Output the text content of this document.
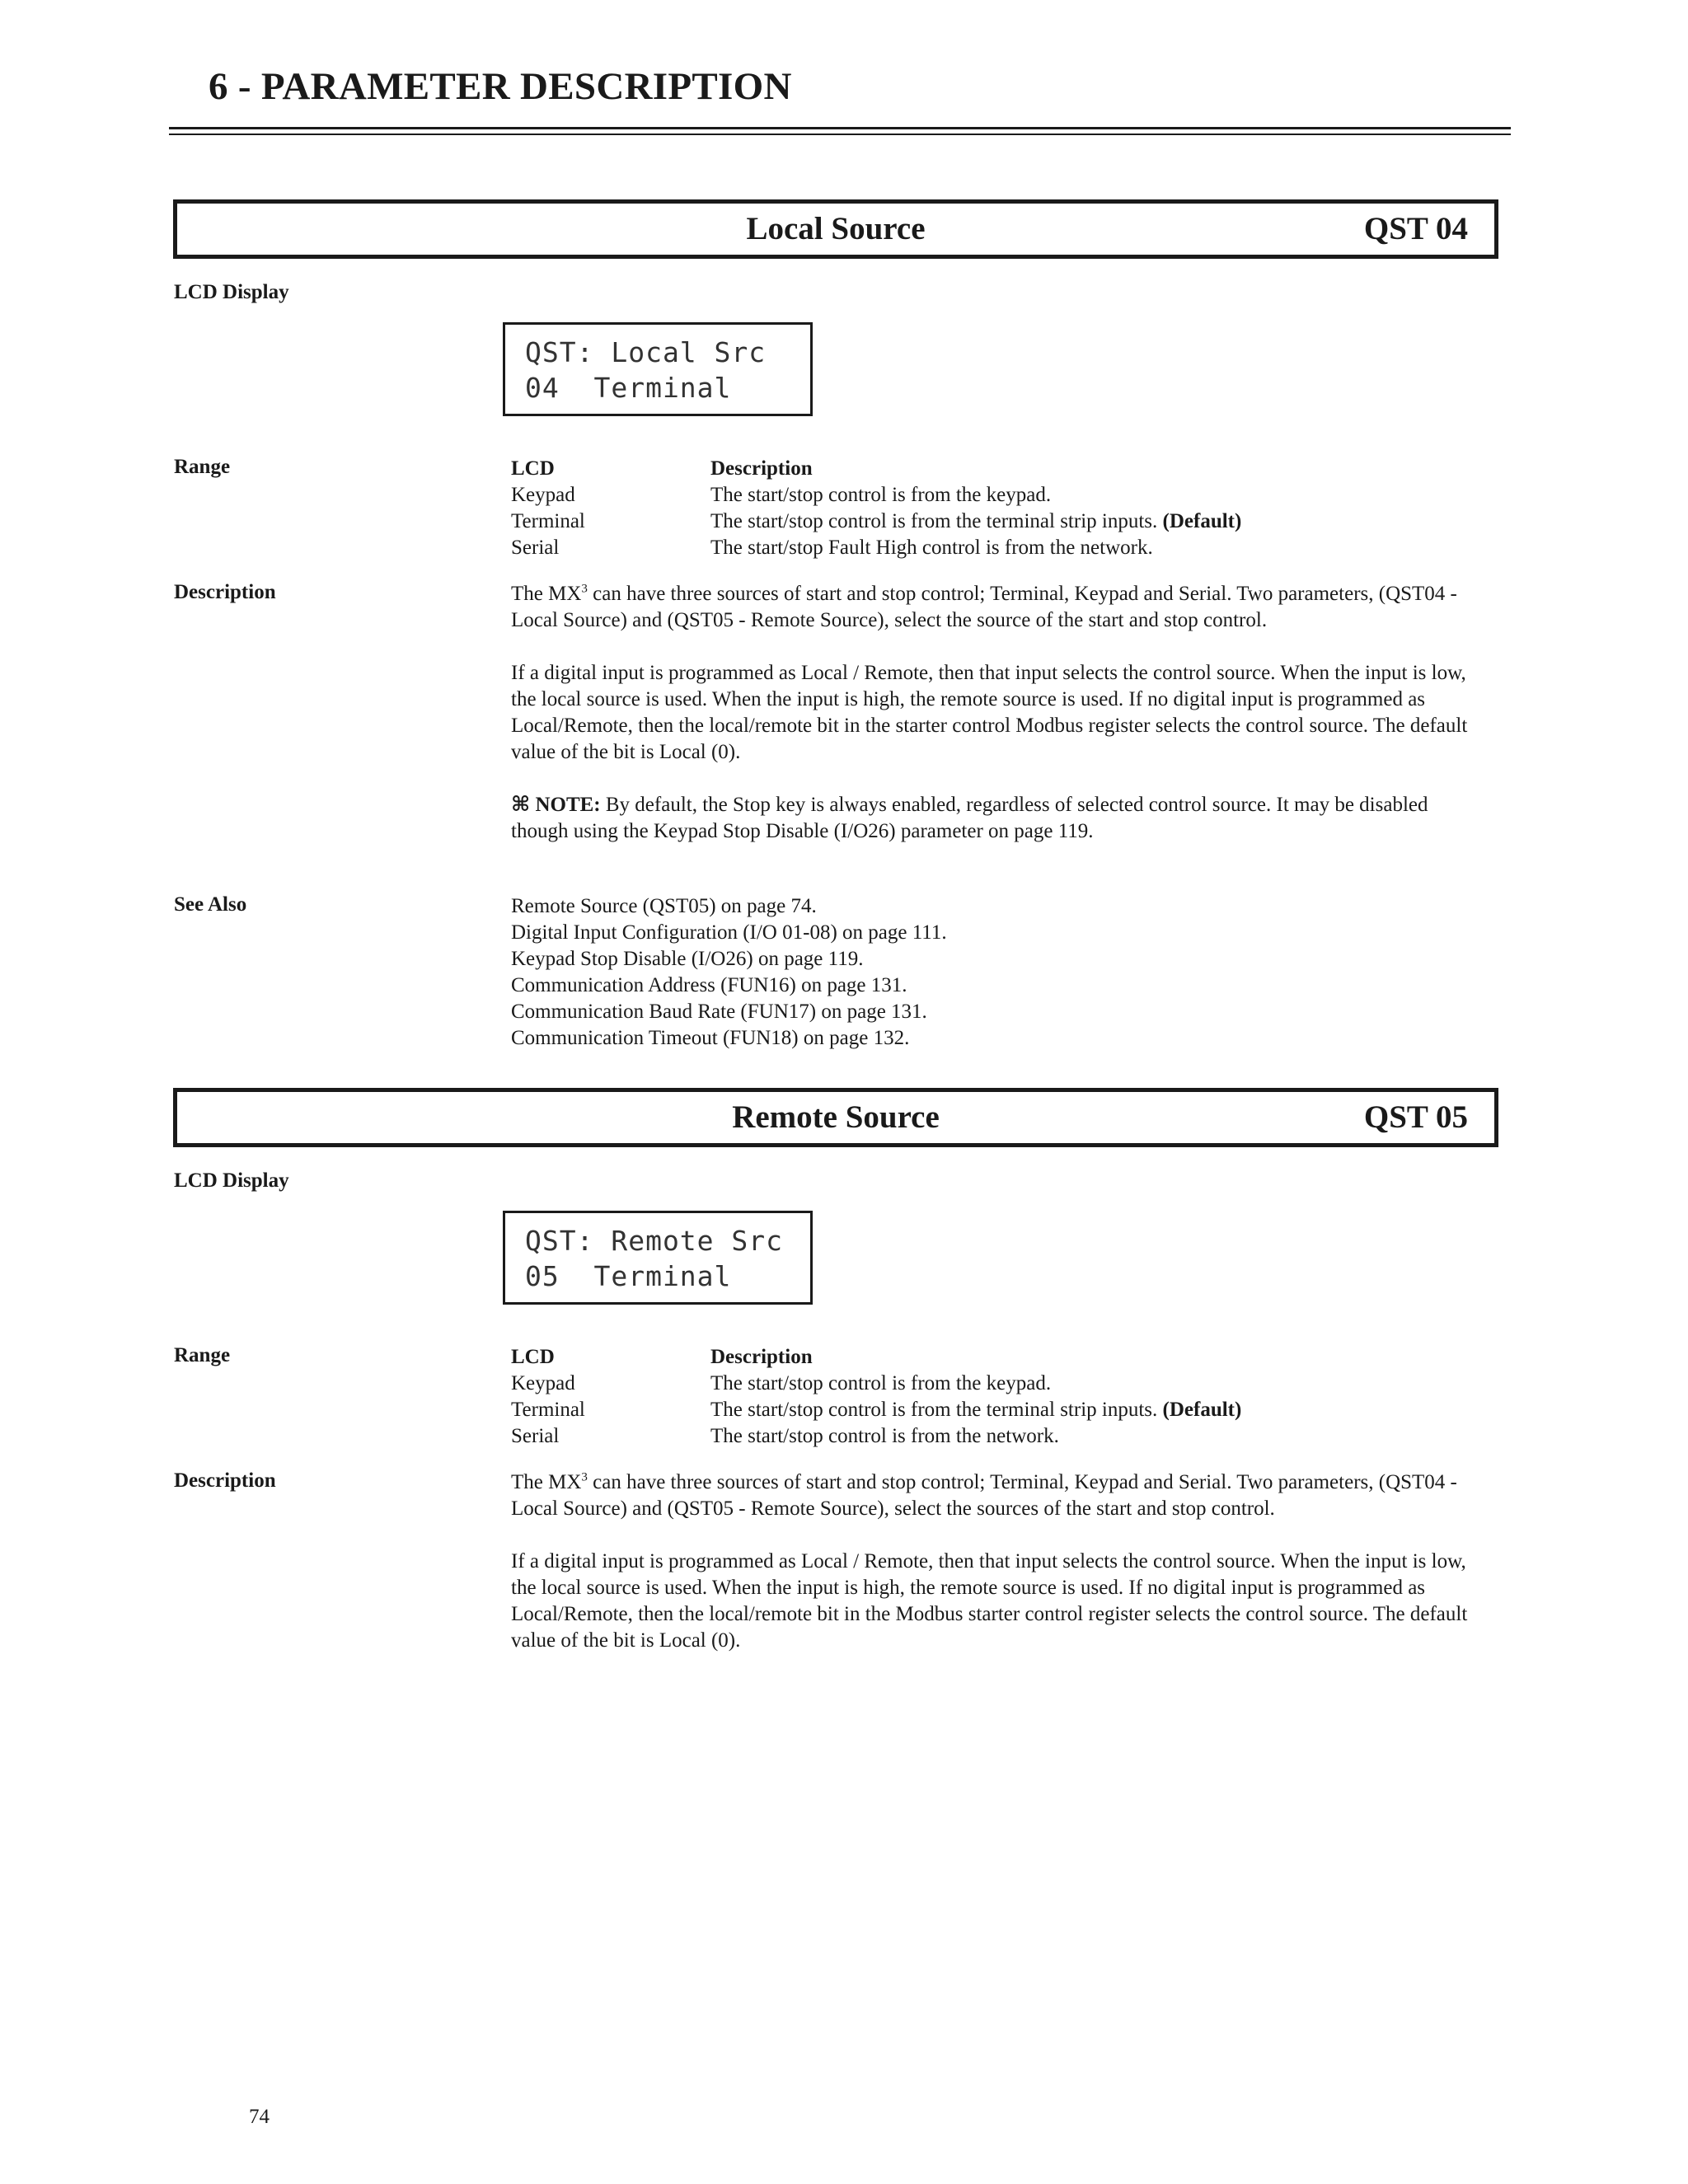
6 - PARAMETER DESCRIPTION
Local Source	QST 04
LCD Display
QST: Local Src
04  Terminal
Range	LCD	Description
Keypad	The start/stop control is from the keypad.
Terminal	The start/stop control is from the terminal strip inputs. (Default)
Serial	The start/stop Fault High control is from the network.
Description	The $MX^3$ can have three sources of start and stop control; Terminal, Keypad and Serial. Two parameters, (QST04 - Local Source) and (QST05 - Remote Source), select the source of the start and stop control.

If a digital input is programmed as Local / Remote, then that input selects the control source. When the input is low, the local source is used. When the input is high, the remote source is used. If no digital input is programmed as Local/Remote, then the local/remote bit in the starter control Modbus register selects the control source. The default value of the bit is Local (0).

⌘ NOTE: By default, the Stop key is always enabled, regardless of selected control source. It may be disabled though using the Keypad Stop Disable (I/O26) parameter on page 119.

See Also	Remote Source (QST05) on page 74.
Digital Input Configuration (I/O 01-08) on page 111.
Keypad Stop Disable (I/O26) on page 119.
Communication Address (FUN16) on page 131.
Communication Baud Rate (FUN17) on page 131.
Communication Timeout (FUN18) on page 132.
Remote Source	QST 05
LCD Display
QST: Remote Src
05  Terminal
Range	LCD	Description
Keypad	The start/stop control is from the keypad.
Terminal	The start/stop control is from the terminal strip inputs. (Default)
Serial	The start/stop control is from the network.
Description	The $MX^3$ can have three sources of start and stop control; Terminal, Keypad and Serial. Two parameters, (QST04 - Local Source) and (QST05 - Remote Source), select the sources of the start and stop control.

If a digital input is programmed as Local / Remote, then that input selects the control source. When the input is low, the local source is used. When the input is high, the remote source is used. If no digital input is programmed as Local/Remote, then the local/remote bit in the Modbus starter control register selects the control source. The default value of the bit is Local (0).

74
